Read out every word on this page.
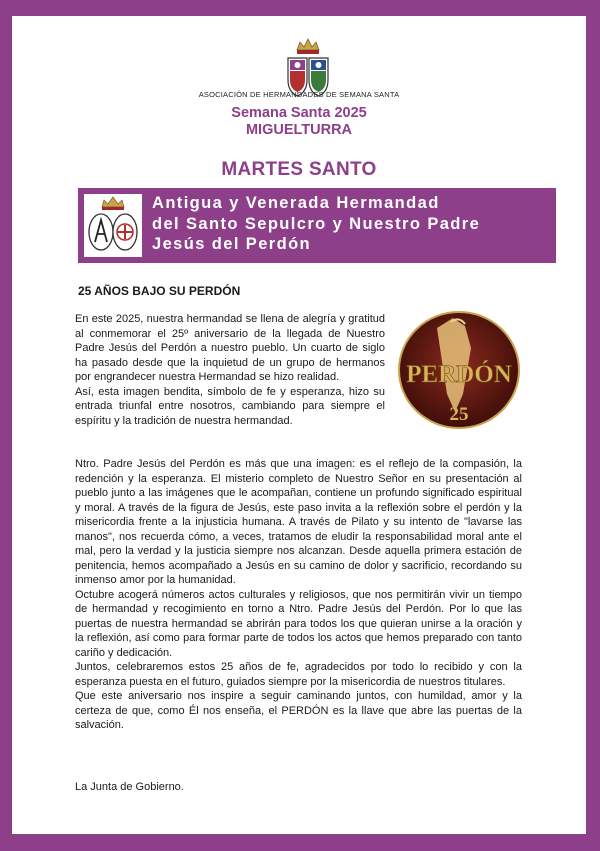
ASOCIACIÓN DE HERMANDADES DE SEMANA SANTA
Semana Santa 2025
MIGUELTURRA
MARTES SANTO
Antigua y Venerada Hermandad
del Santo Sepulcro y Nuestro Padre
Jesús del Perdón
25 AÑOS BAJO SU PERDÓN

En este 2025, nuestra hermandad se llena de alegría y gratitud al conmemorar el 25º aniversario de la llegada de Nuestro Padre Jesús del Perdón a nuestro pueblo. Un cuarto de siglo ha pasado desde que la inquietud de un grupo de hermanos por engrandecer nuestra Hermandad se hizo realidad.

Así, esta imagen bendita, símbolo de fe y esperanza, hizo su entrada triunfal entre nosotros, cambiando para siempre el espíritu y la tradición de nuestra hermandad.

PERDÓN
25

Ntro. Padre Jesús del Perdón es más que una imagen: es el reflejo de la compasión, la redención y la esperanza. El misterio completo de Nuestro Señor en su presentación al pueblo junto a las imágenes que le acompañan, contiene un profundo significado espiritual y moral. A través de la figura de Jesús, este paso invita a la reflexión sobre el perdón y la misericordia frente a la injusticia humana. A través de Pilato y su intento de "lavarse las manos", nos recuerda cómo, a veces, tratamos de eludir la responsabilidad moral ante el mal, pero la verdad y la justicia siempre nos alcanzan. Desde aquella primera estación de penitencia, hemos acompañado a Jesús en su camino de dolor y sacrificio, recordando su inmenso amor por la humanidad.

Octubre acogerá números actos culturales y religiosos, que nos permitirán vivir un tiempo de hermandad y recogimiento en torno a Ntro. Padre Jesús del Perdón. Por lo que las puertas de nuestra hermandad se abrirán para todos los que quieran unirse a la oración y la reflexión, así como para formar parte de todos los actos que hemos preparado con tanto cariño y dedicación.

Juntos, celebraremos estos 25 años de fe, agradecidos por todo lo recibido y con la esperanza puesta en el futuro, guiados siempre por la misericordia de nuestros titulares.

Que este aniversario nos inspire a seguir caminando juntos, con humildad, amor y la certeza de que, como Él nos enseña, el PERDÓN es la llave que abre las puertas de la salvación.

La Junta de Gobierno.
